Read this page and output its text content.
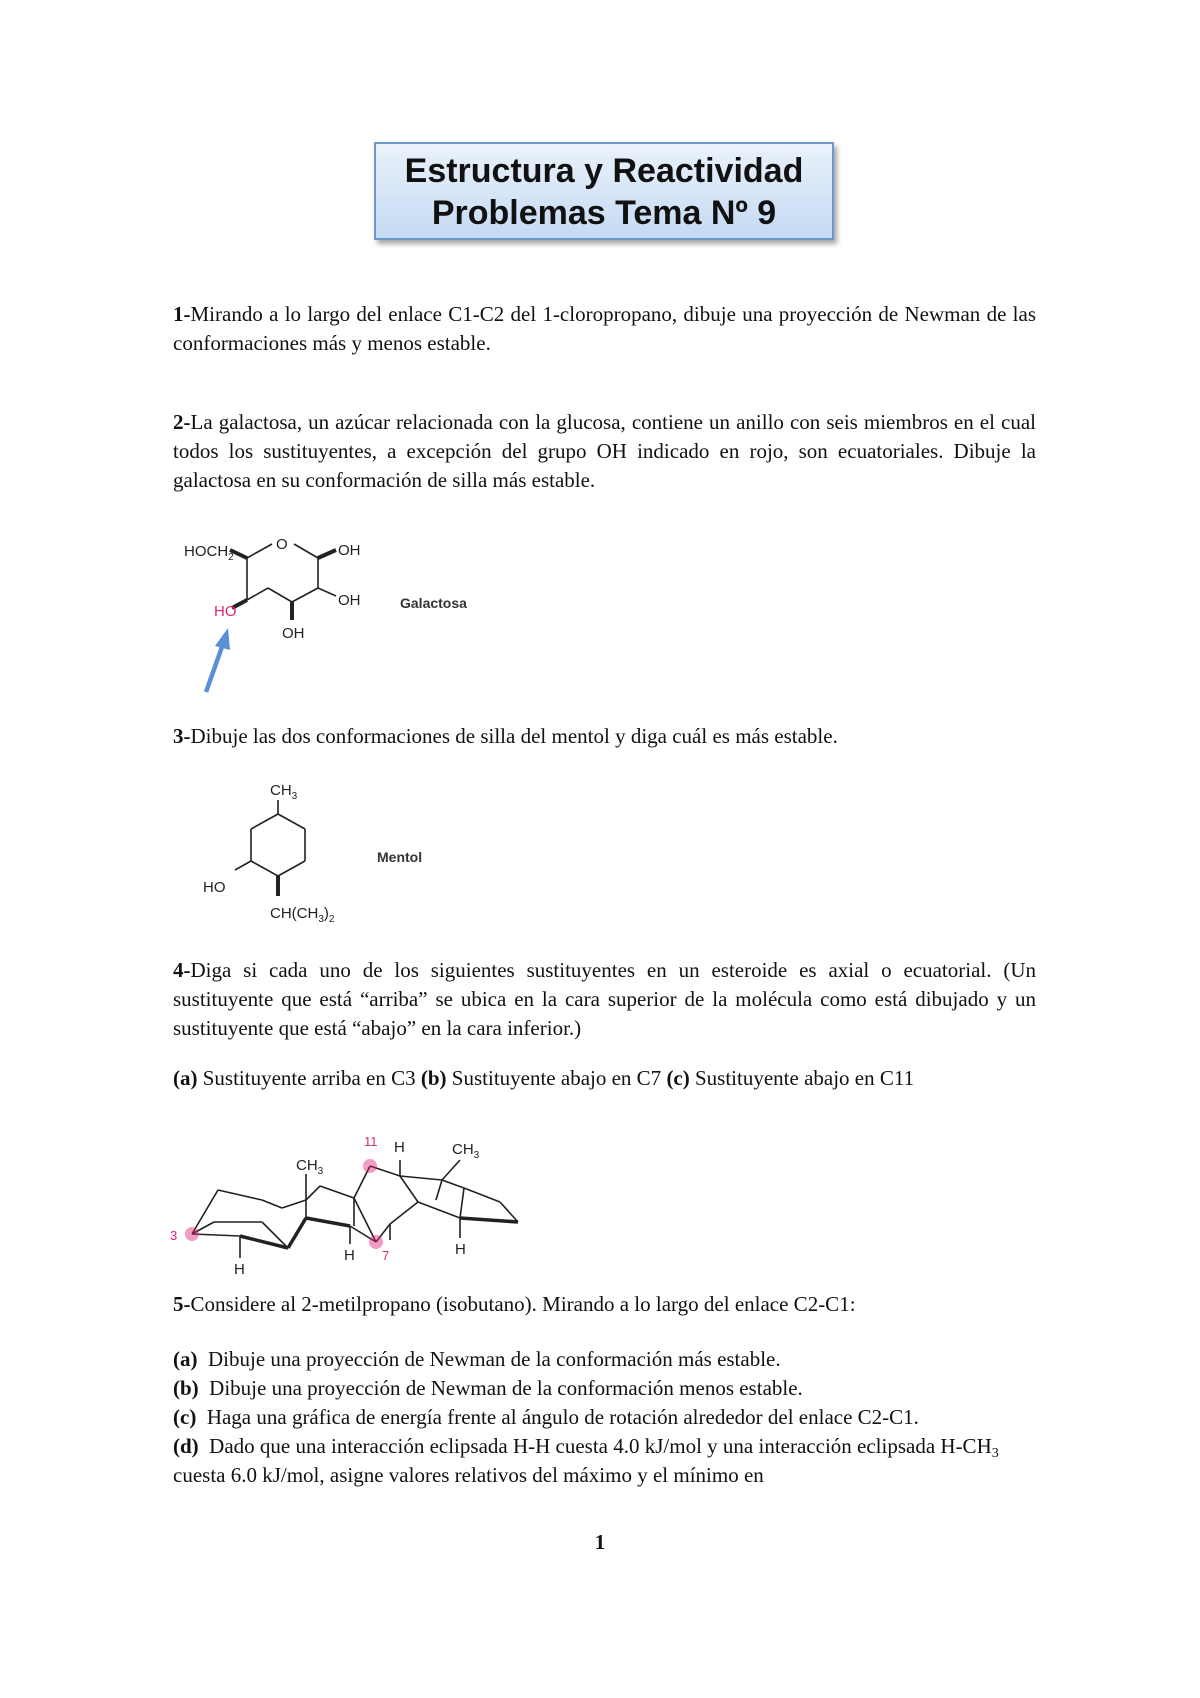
Estructura y Reactividad
Problemas Tema Nº 9

1-Mirando a lo largo del enlace C1-C2 del 1-cloropropano, dibuje una proyección de Newman de las conformaciones más y menos estable.

2-La galactosa, un azúcar relacionada con la glucosa, contiene un anillo con seis miembros en el cual todos los sustituyentes, a excepción del grupo OH indicado en rojo, son ecuatoriales. Dibuje la galactosa en su conformación de silla más estable.

$HOCH_2$
O	OH
OH
OH
HO	Galactosa

3-Dibuje las dos conformaciones de silla del mentol y diga cuál es más estable.

$CH_3$
HO
$CH(CH_3)_2$
Mentol

4-Diga si cada uno de los siguientes sustituyentes en un esteroide es axial o ecuatorial. (Un sustituyente que está “arriba” se ubica en la cara superior de la molécula como está dibujado y un sustituyente que está “abajo” en la cara inferior.)

(a) Sustituyente arriba en C3 (b) Sustituyente abajo en C7 (c) Sustituyente abajo en C11

3
11
7
$CH_3$
$CH_3$
H
H
H
H

5-Considere al 2-metilpropano (isobutano). Mirando a lo largo del enlace C2-C1:

(a) Dibuje una proyección de Newman de la conformación más estable.
(b) Dibuje una proyección de Newman de la conformación menos estable.
(c) Haga una gráfica de energía frente al ángulo de rotación alrededor del enlace C2-C1.
(d) Dado que una interacción eclipsada H-H cuesta 4.0 kJ/mol y una interacción eclipsada $H-CH_3$ cuesta 6.0 kJ/mol, asigne valores relativos del máximo y el mínimo en
1
